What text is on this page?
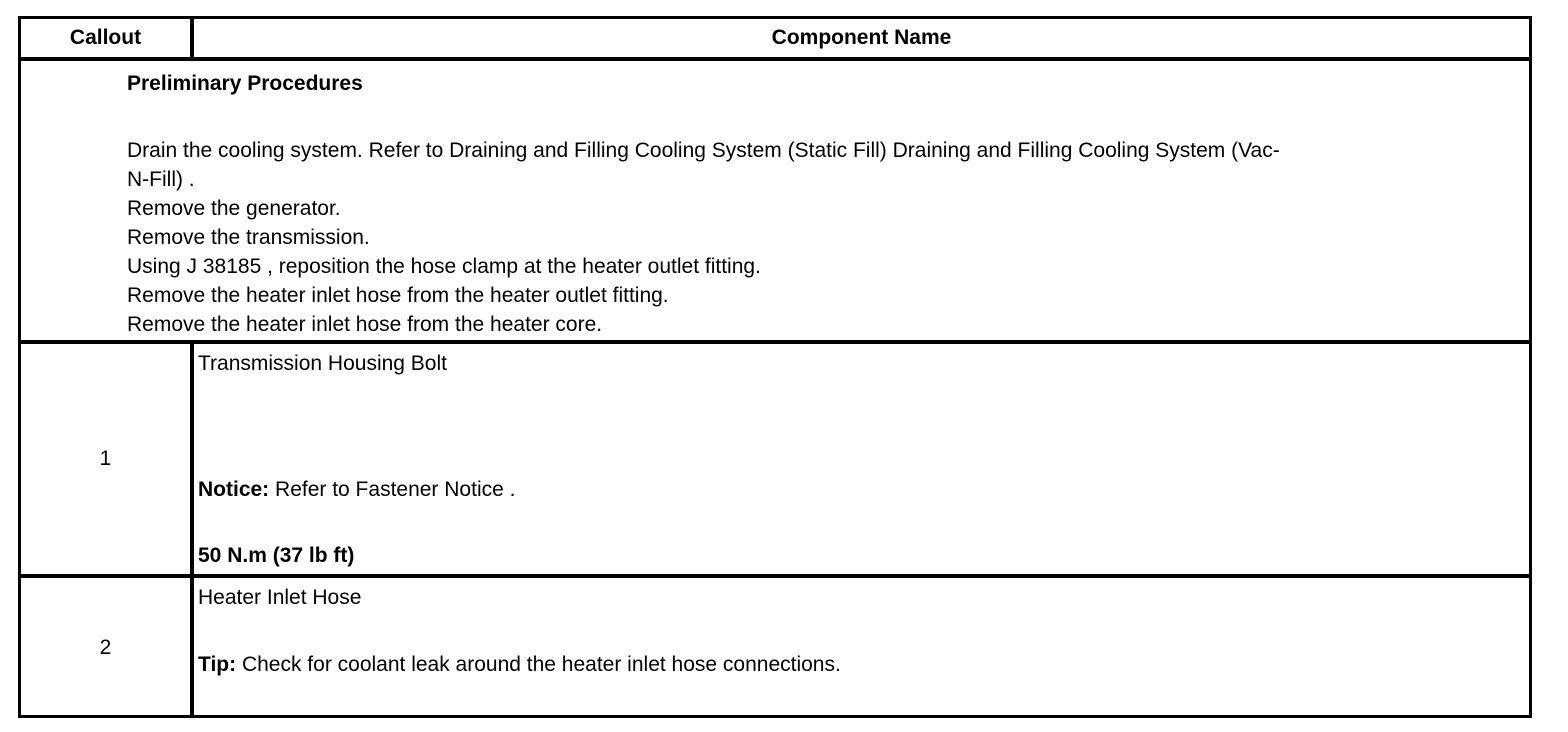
Callout	Component Name
Preliminary Procedures
Drain the cooling system. Refer to Draining and Filling Cooling System (Static Fill) Draining and Filling Cooling System (Vac-
N-Fill) .
Remove the generator.
Remove the transmission.
Using J 38185 , reposition the hose clamp at the heater outlet fitting.
Remove the heater inlet hose from the heater outlet fitting.
Remove the heater inlet hose from the heater core.
1
Transmission Housing Bolt
Notice: Refer to Fastener Notice .
50 N.m (37 lb ft)
2
Heater Inlet Hose
Tip: Check for coolant leak around the heater inlet hose connections.
